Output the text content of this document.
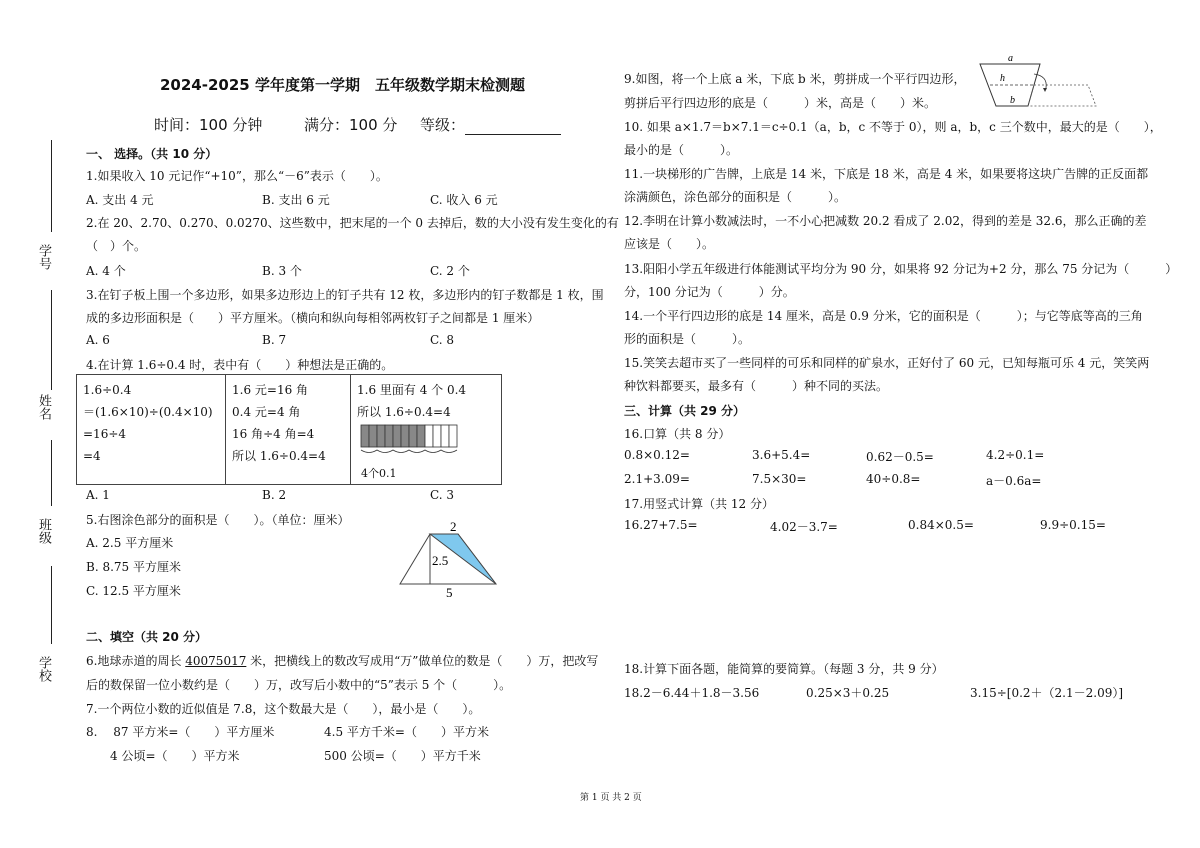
2024-2025 学年度第一学期　五年级数学期末检测题
时间：100 分钟	满分：100 分 等级：
学号
姓名
班级
学校
一、 选择。（共 10 分）
1.如果收入 10 元记作“+10”，那么“－6”表示（　　）。
A. 支出 4 元	B. 支出 6 元	C. 收入 6 元
2.在 20、2.70、0.270、0.0270、这些数中，把末尾的一个 0 去掉后，数的大小没有发生变化的有
（　）个。
A. 4 个	B. 3 个	C. 2 个
3.在钉子板上围一个多边形，如果多边形边上的钉子共有 12 枚，多边形内的钉子数都是 1 枚，围
成的多边形面积是（　　）平方厘米。（横向和纵向每相邻两枚钉子之间都是 1 厘米）
A. 6	B. 7	C. 8
4.在计算 1.6÷0.4 时，表中有（　　）种想法是正确的。
1.6÷0.4
＝(1.6×10)÷(0.4×10)
=16÷4
=4

1.6 元=16 角
0.4 元=4 角
16 角÷4 角=4
所以 1.6÷0.4=4

1.6 里面有 4 个 0.4
所以 1.6÷0.4=4
4个0.1
A. 1	B. 2	C. 3
5.右图涂色部分的面积是（　　）。（单位：厘米）
A. 2.5 平方厘米
B. 8.75 平方厘米
C. 12.5 平方厘米
2
2.5
5
二、填空（共 20 分）
6.地球赤道的周长 40075017 米，把横线上的数改写成用“万”做单位的数是（　　）万，把改写
后的数保留一位小数约是（　　）万，改写后小数中的“5”表示 5 个（　　　）。
7.一个两位小数的近似值是 7.8，这个数最大是（　　），最小是（　　）。
8.　 87 平方米=（　　）平方厘米	4.5 平方千米=（　　）平方米
4 公顷=（　　）平方米	500 公顷=（　　）平方千米
9.如图，将一个上底 a 米，下底 b 米，剪拼成一个平行四边形，
剪拼后平行四边形的底是（　　　）米，高是（　　）米。
a
h
b
10. 如果 a×1.7＝b×7.1＝c÷0.1（a，b，c 不等于 0），则 a，b，c 三个数中，最大的是（　　），
最小的是（　　　）。
11.一块梯形的广告牌，上底是 14 米，下底是 18 米，高是 4 米，如果要将这块广告牌的正反面都
涂满颜色，涂色部分的面积是（　　　）。
12.李明在计算小数减法时，一不小心把减数 20.2 看成了 2.02，得到的差是 32.6，那么正确的差
应该是（　　）。
13.阳阳小学五年级进行体能测试平均分为 90 分，如果将 92 分记为+2 分，那么 75 分记为（　　　）
分，100 分记为（　　　）分。
14.一个平行四边形的底是 14 厘米，高是 0.9 分米，它的面积是（　　　）；与它等底等高的三角
形的面积是（　　　）。
15.笑笑去超市买了一些同样的可乐和同样的矿泉水，正好付了 60 元，已知每瓶可乐 4 元，笑笑两
种饮料都要买，最多有（　　　）种不同的买法。
三、计算（共 29 分）
16.口算（共 8 分）
0.8×0.12=	3.6+5.4=	0.62－0.5=	4.2÷0.1=
2.1+3.09=	7.5×30=	40÷0.8=	a－0.6a=
17.用竖式计算（共 12 分）
16.27+7.5=	4.02－3.7=	0.84×0.5=	9.9÷0.15=
18.计算下面各题，能简算的要简算。（每题 3 分，共 9 分）
18.2－6.44＋1.8－3.56	0.25×3＋0.25	3.15÷[0.2＋（2.1－2.09）]
第 1 页 共 2 页
